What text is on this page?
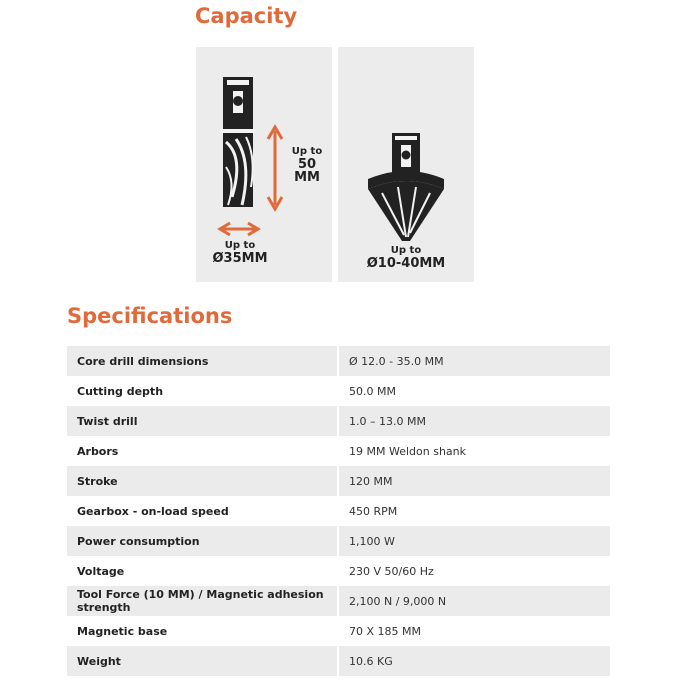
Capacity
Up to
50
MM
Up to
Ø35MM	Up to
Ø10-40MM
Specifications
Core drill dimensions	Ø 12.0 - 35.0 MM
Cutting depth	50.0 MM
Twist drill	1.0 – 13.0 MM
Arbors	19 MM Weldon shank
Stroke	120 MM
Gearbox - on-load speed	450 RPM
Power consumption	1,100 W
Voltage	230 V 50/60 Hz
Tool Force (10 MM) / Magnetic adhesion strength	2,100 N / 9,000 N
Magnetic base	70 X 185 MM
Weight	10.6 KG
